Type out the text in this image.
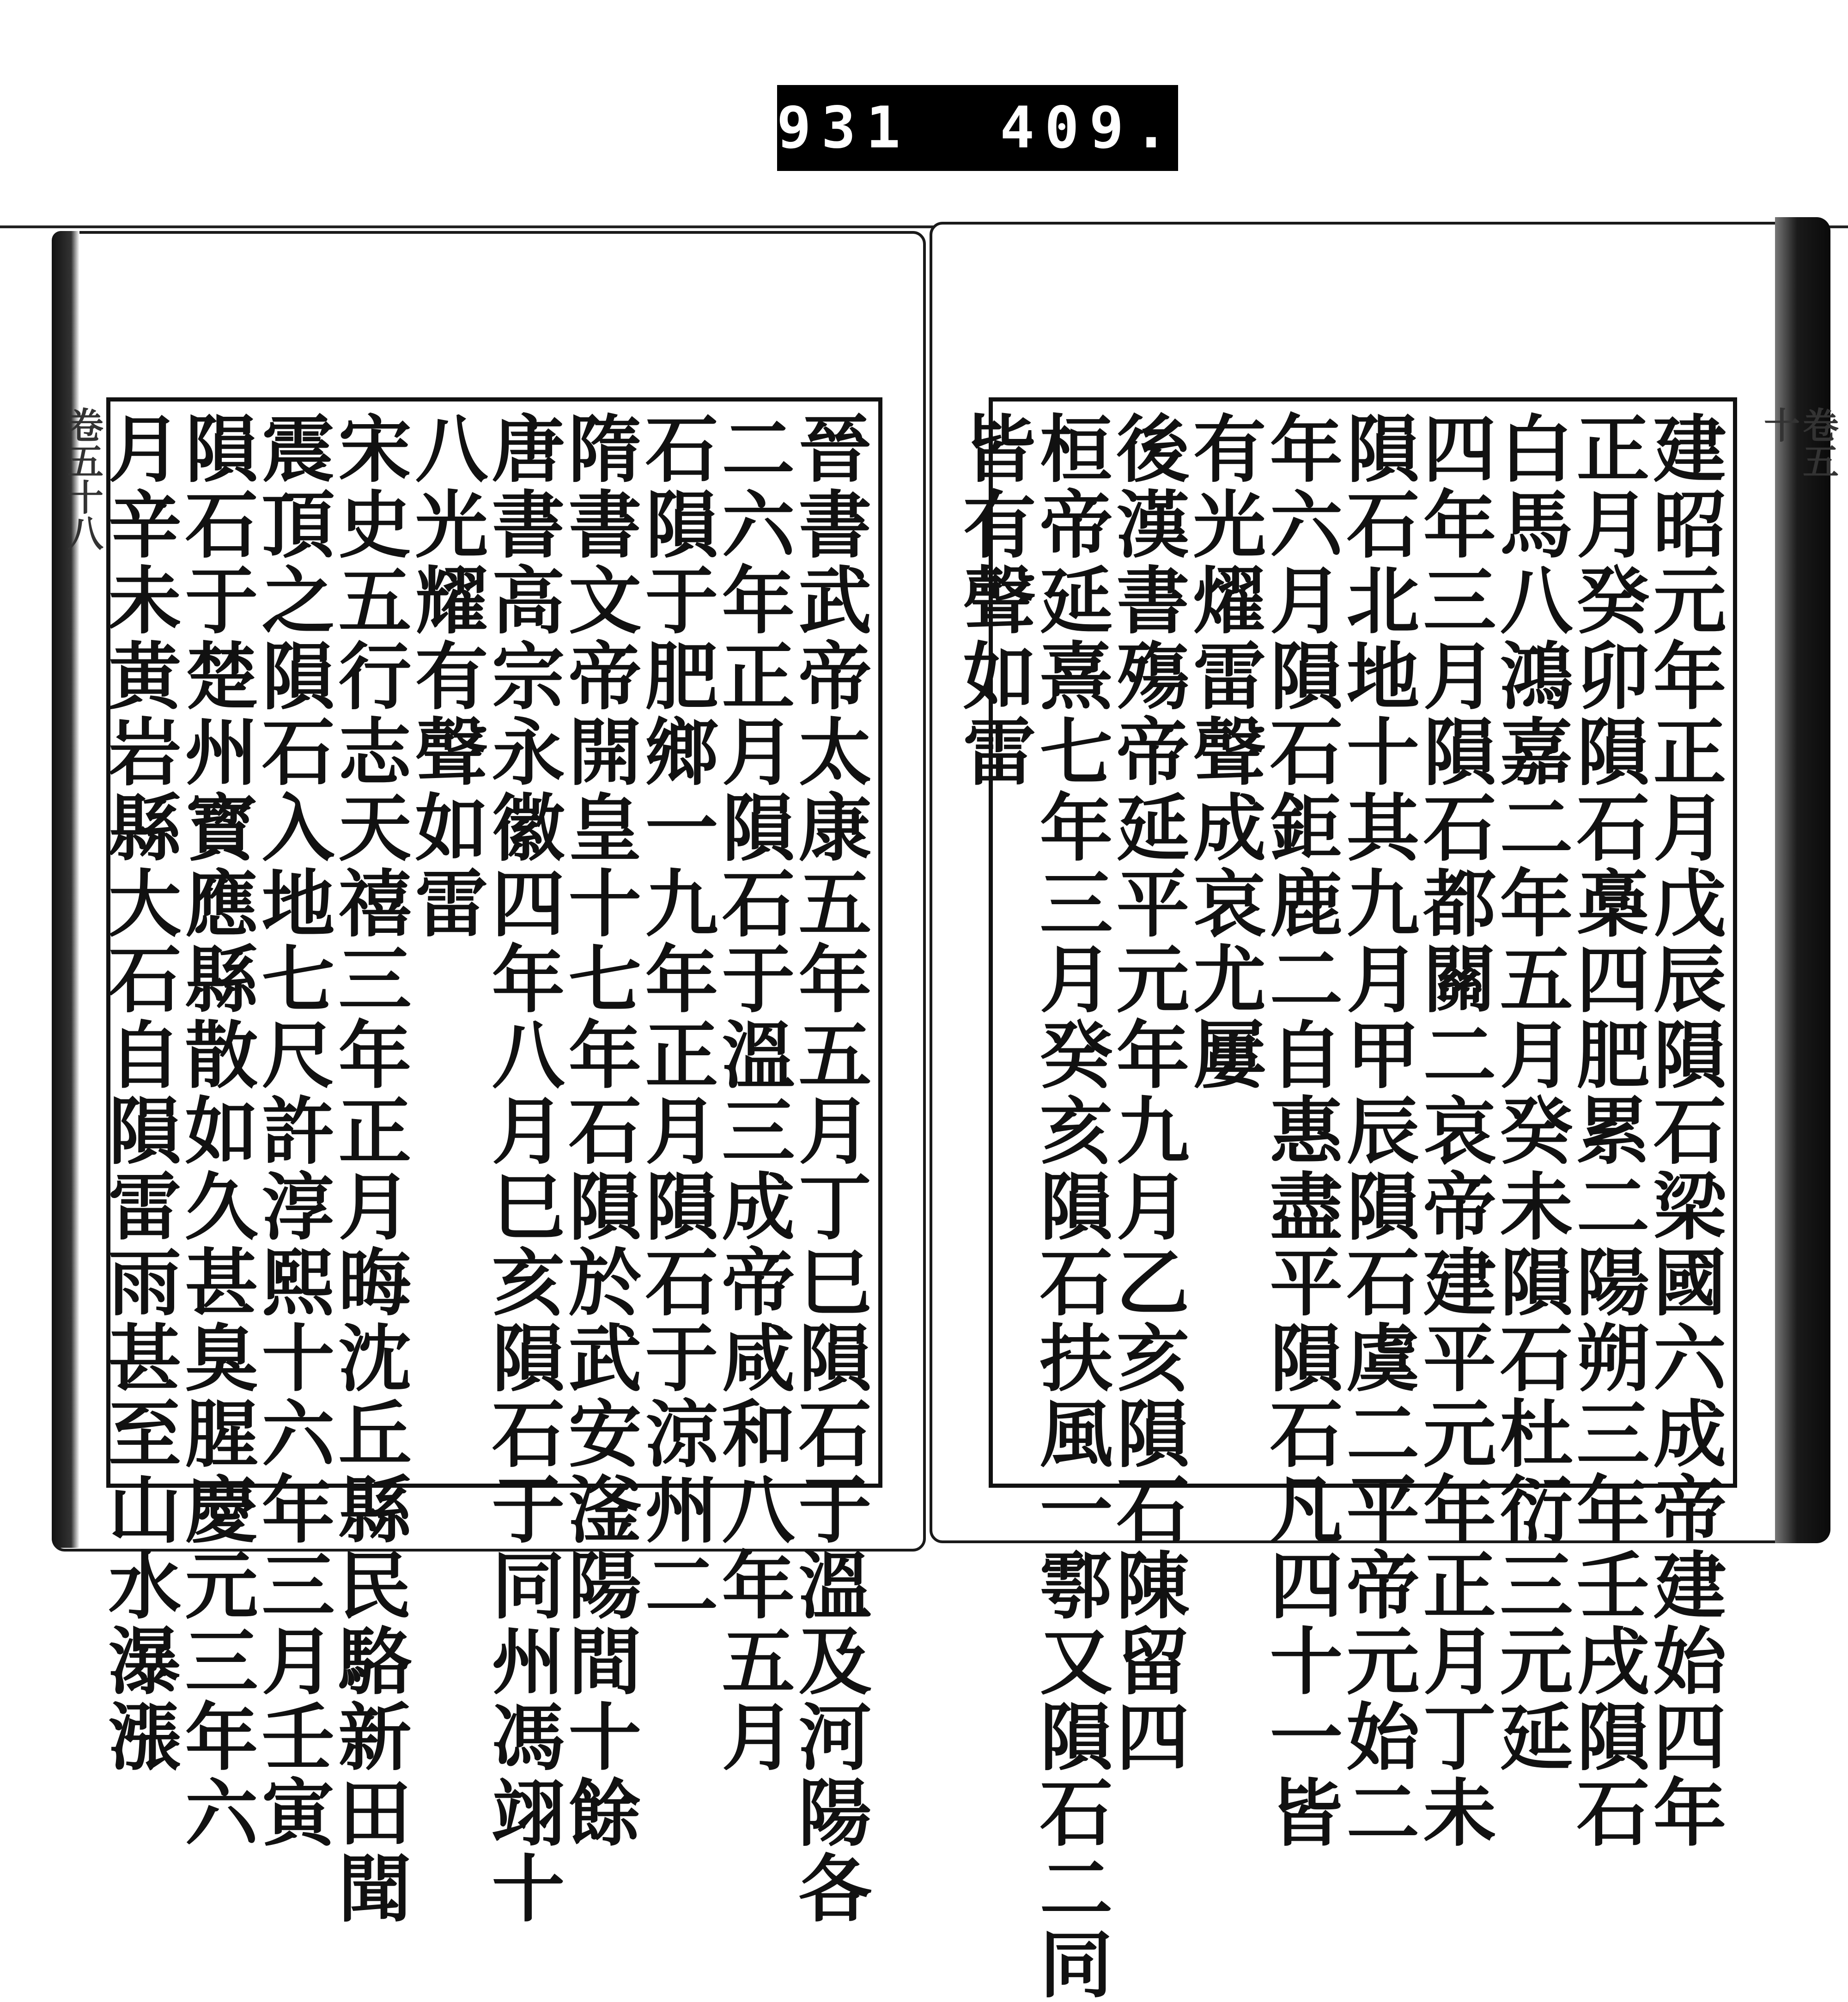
931  409.
卷五十八	卷五十
晉書武帝太康五年五月丁巳隕石于溫及河陽各
二六年正月隕石于溫三成帝咸和八年五月
石隕于肥鄉一九年正月隕石于涼州二
隋書文帝開皇十七年石隕於武安滏陽間十餘
唐書高宗永徽四年八月巳亥隕石于同州馮翊十
八光耀有聲如雷
宋史五行志天禧三年正月晦沈丘縣民駱新田聞
震頂之隕石入地七尺許淳熙十六年三月壬寅
隕石于楚州寳應縣散如久甚臭腥慶元三年六
月辛未黄岩縣大石自隕雷雨甚至山水瀑漲	建昭元年正月戊辰隕石梁國六成帝建始四年
正月癸卯隕石槀四肥累二陽朔三年壬戌隕石
白馬八鴻嘉二年五月癸未隕石杜衍三元延
四年三月隕石都關二哀帝建平元年正月丁未
隕石北地十其九月甲辰隕石虞二平帝元始二
年六月隕石鉅鹿二自惠盡平隕石凡四十一皆
有光燿雷聲成哀尤屢
後漢書殤帝延平元年九月乙亥隕石陳留四
桓帝延熹七年三月癸亥隕石扶風一鄠又隕石二同
皆有聲如雷
